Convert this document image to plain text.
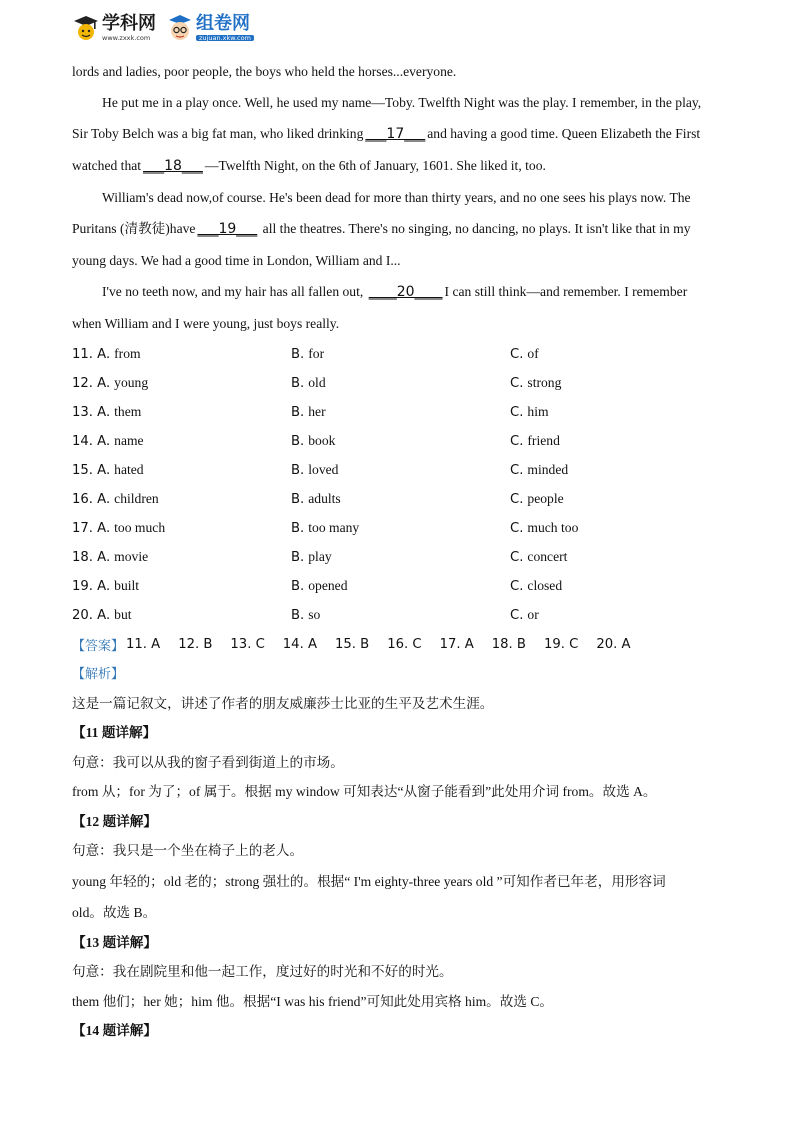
学科网
www.zxxk.com
组卷网
zujuan.xkw.com

lords and ladies, poor people, the boys who held the horses...everyone.

He put me in a play once. Well, he used my name—Toby. Twelfth Night was the play. I remember, in the play,

Sir Toby Belch was a big fat man, who liked drinking ___17___ and having a good time. Queen Elizabeth the First

watched that ___18___ —Twelfth Night, on the 6th of January, 1601. She liked it, too.

William's dead now,of course. He's been dead for more than thirty years, and no one sees his plays now. The

Puritans (清教徒)have ___19___ all the theatres. There's no singing, no dancing, no plays. It isn't like that in my

young days. We had a good time in London, William and I...

I've no teeth now, and my hair has all fallen out, ____20____ I can still think—and remember. I remember

when William and I were young, just boys really.

11. A. from	B. for	C. of
12. A. young	B. old	C. strong
13. A. them	B. her	C. him
14. A. name	B. book	C. friend
15. A. hated	B. loved	C. minded
16. A. children	B. adults	C. people
17. A. too much	B. too many	C. much too
18. A. movie	B. play	C. concert
19. A. built	B. opened	C. closed
20. A. but	B. so	C. or
【答案】 11. A 12. B 13. C 14. A 15. B 16. C 17. A 18. B 19. C 20. A
【解析】
这是一篇记叙文，讲述了作者的朋友威廉莎士比亚的生平及艺术生涯。
【11 题详解】
句意：我可以从我的窗子看到街道上的市场。
from 从；for 为了；of 属于。根据 my window 可知表达“从窗子能看到”此处用介词 from。故选 A。
【12 题详解】
句意：我只是一个坐在椅子上的老人。
young 年轻的；old 老的；strong 强壮的。根据“ I'm eighty-three years old ”可知作者已年老，用形容词
old。故选 B。
【13 题详解】
句意：我在剧院里和他一起工作，度过好的时光和不好的时光。
them 他们；her 她；him 他。根据“I was his friend”可知此处用宾格 him。故选 C。
【14 题详解】
